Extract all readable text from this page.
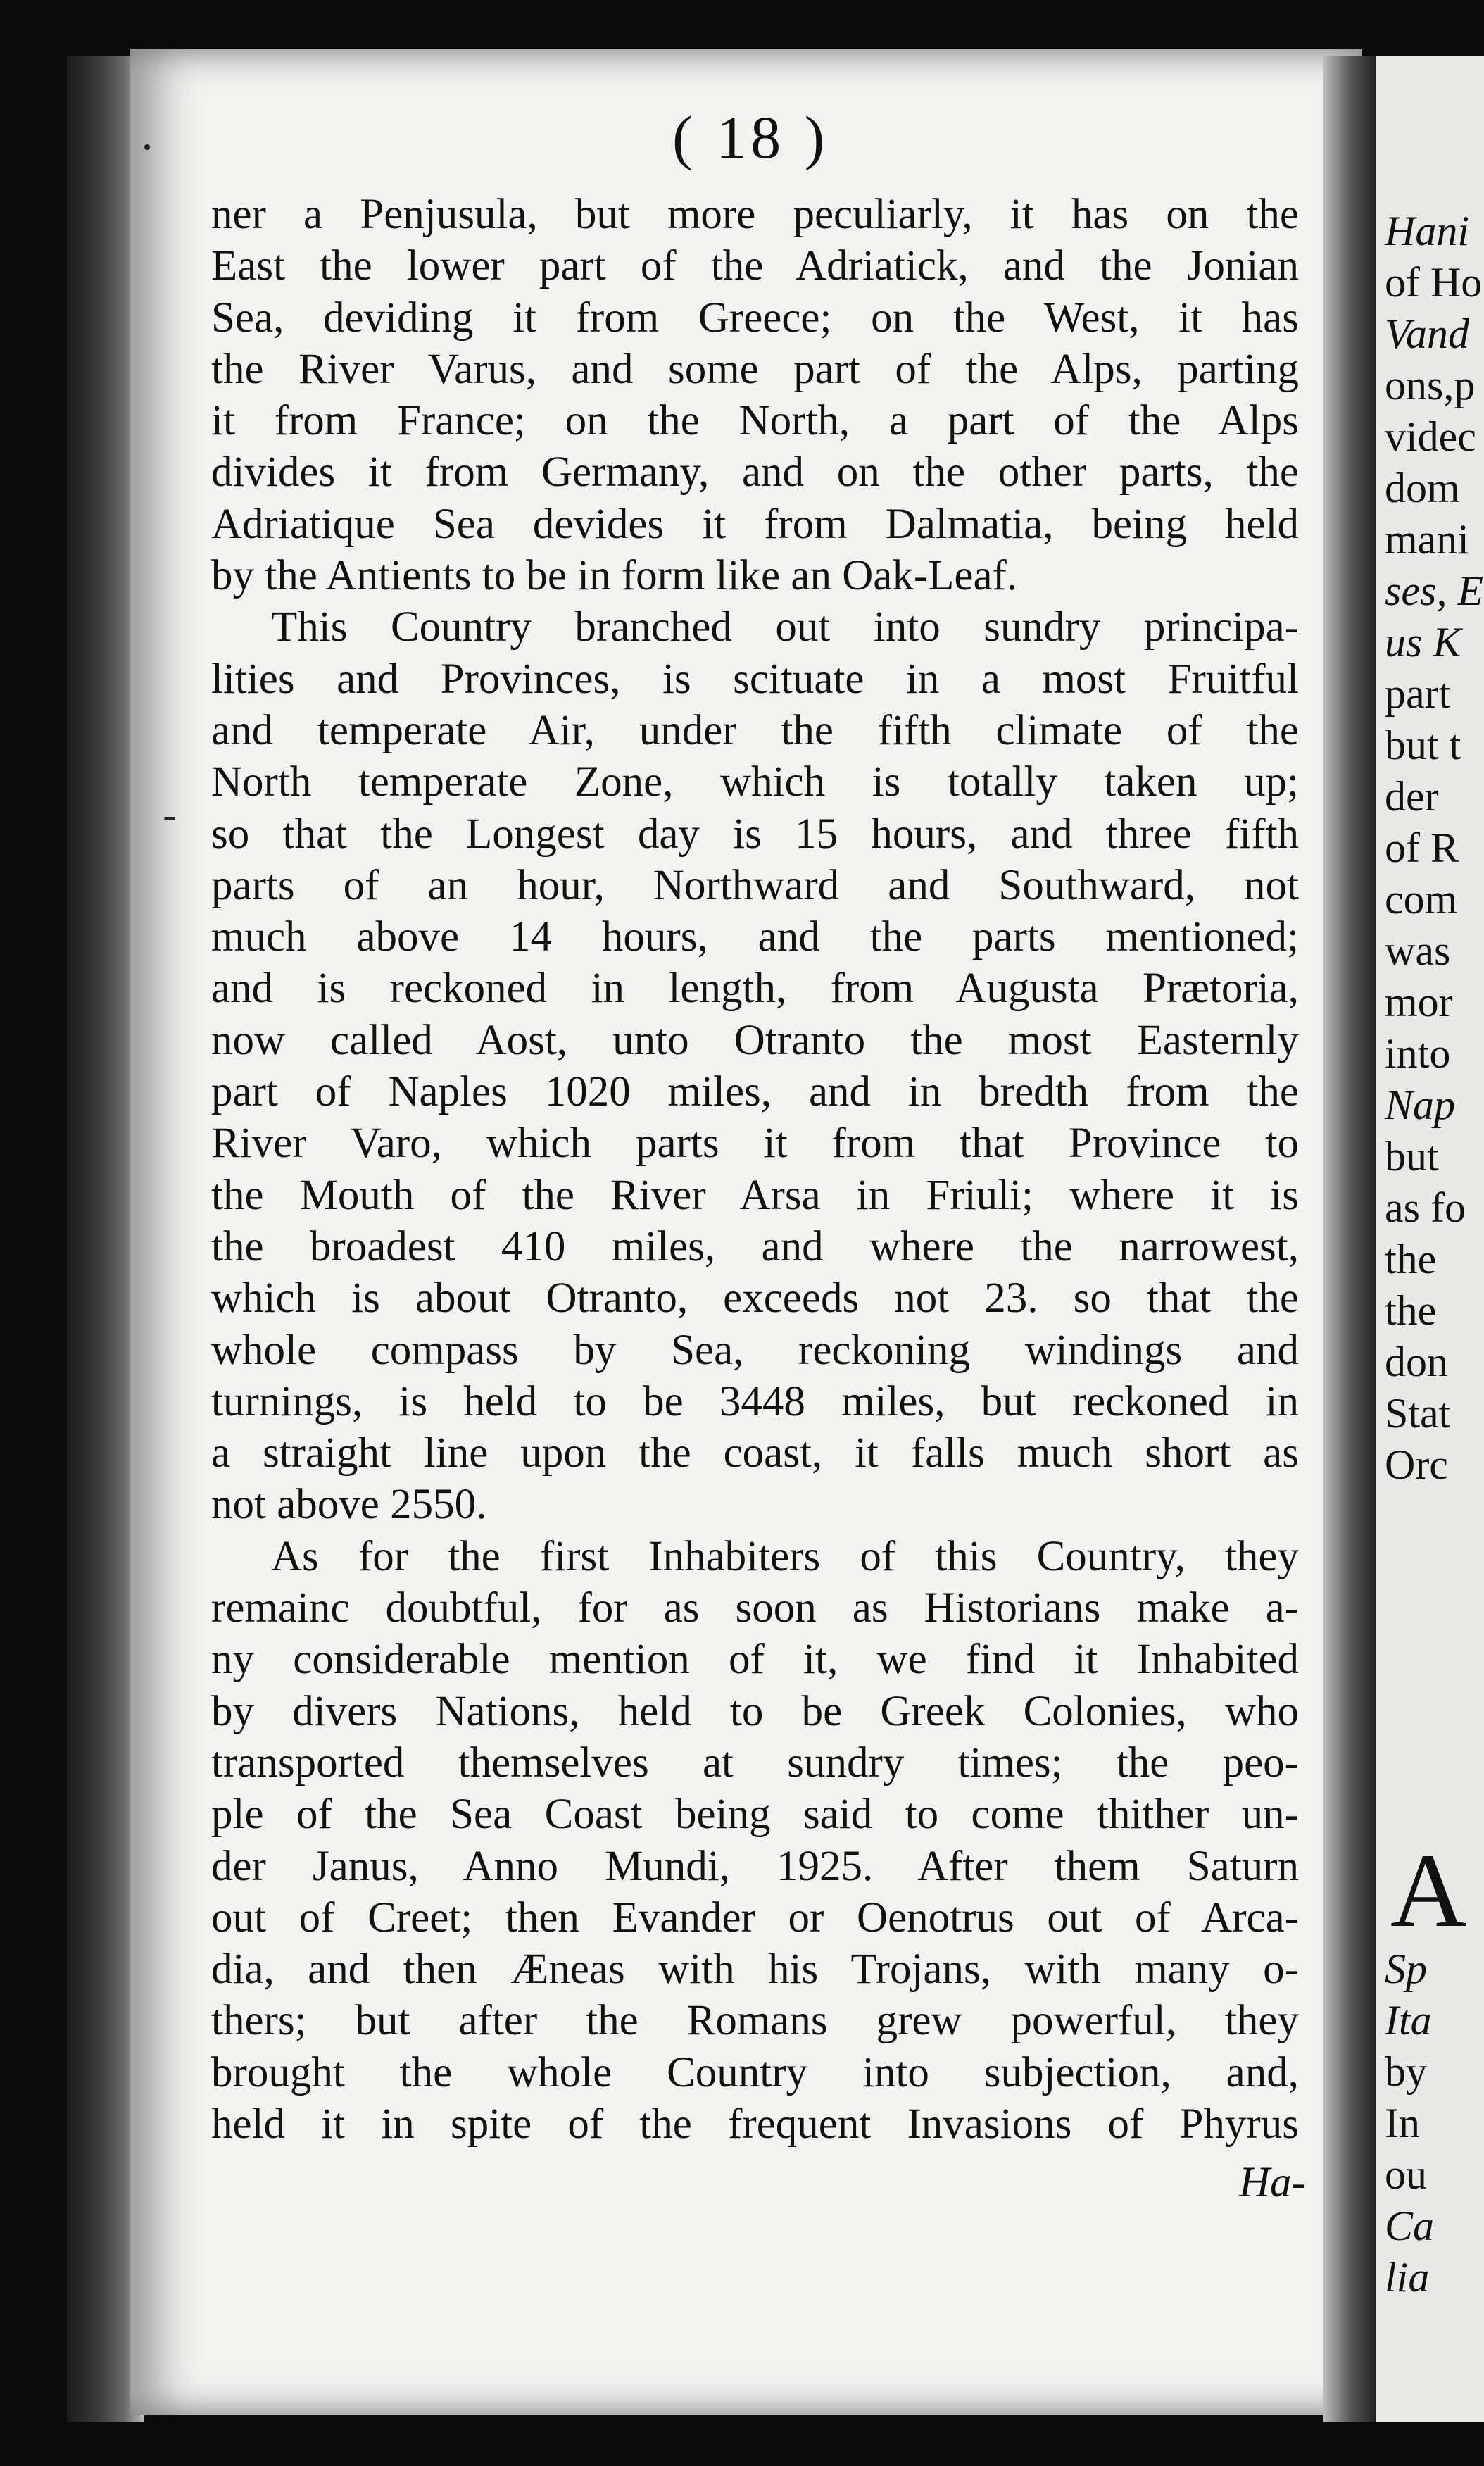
Hani
of Ho
Vand
ons,p
videc
dom
mani
ses, E
us K
part
but t
der
of R
com
was
mor
into
Nap
but
as fo
the
the
don
Stat
Orc
A
Sp
Ita
by
In
ou
Ca
lia
( 18 )
ner a Penjusula, but more peculiarly, it has on the
East the lower part of the Adriatick, and the Jonian
Sea, deviding it from Greece; on the West, it has
the River Varus, and some part of the Alps, parting
it from France; on the North, a part of the Alps
divides it from Germany, and on the other parts, the
Adriatique Sea devides it from Dalmatia, being held
by the Antients to be in form like an Oak-Leaf.
This Country branched out into sundry principa-
lities and Provinces, is scituate in a most Fruitful
and temperate Air, under the fifth climate of the
North temperate Zone, which is totally taken up;
so that the Longest day is 15 hours, and three fifth
parts of an hour, Northward and Southward, not
much above 14 hours, and the parts mentioned;
and is reckoned in length, from Augusta Prætoria,
now called Aost, unto Otranto the most Easternly
part of Naples 1020 miles, and in bredth from the
River Varo, which parts it from that Province to
the Mouth of the River Arsa in Friuli; where it is
the broadest 410 miles, and where the narrowest,
which is about Otranto, exceeds not 23. so that the
whole compass by Sea, reckoning windings and
turnings, is held to be 3448 miles, but reckoned in
a straight line upon the coast, it falls much short as
not above 2550.
As for the first Inhabiters of this Country, they
remainc doubtful, for as soon as Historians make a-
ny considerable mention of it, we find it Inhabited
by divers Nations, held to be Greek Colonies, who
transported themselves at sundry times; the peo-
ple of the Sea Coast being said to come thither un-
der Janus, Anno Mundi, 1925. After them Saturn
out of Creet; then Evander or Oenotrus out of Arca-
dia, and then Æneas with his Trojans, with many o-
thers; but after the Romans grew powerful, they
brought the whole Country into subjection, and,
held it in spite of the frequent Invasions of Phyrus
Ha-
